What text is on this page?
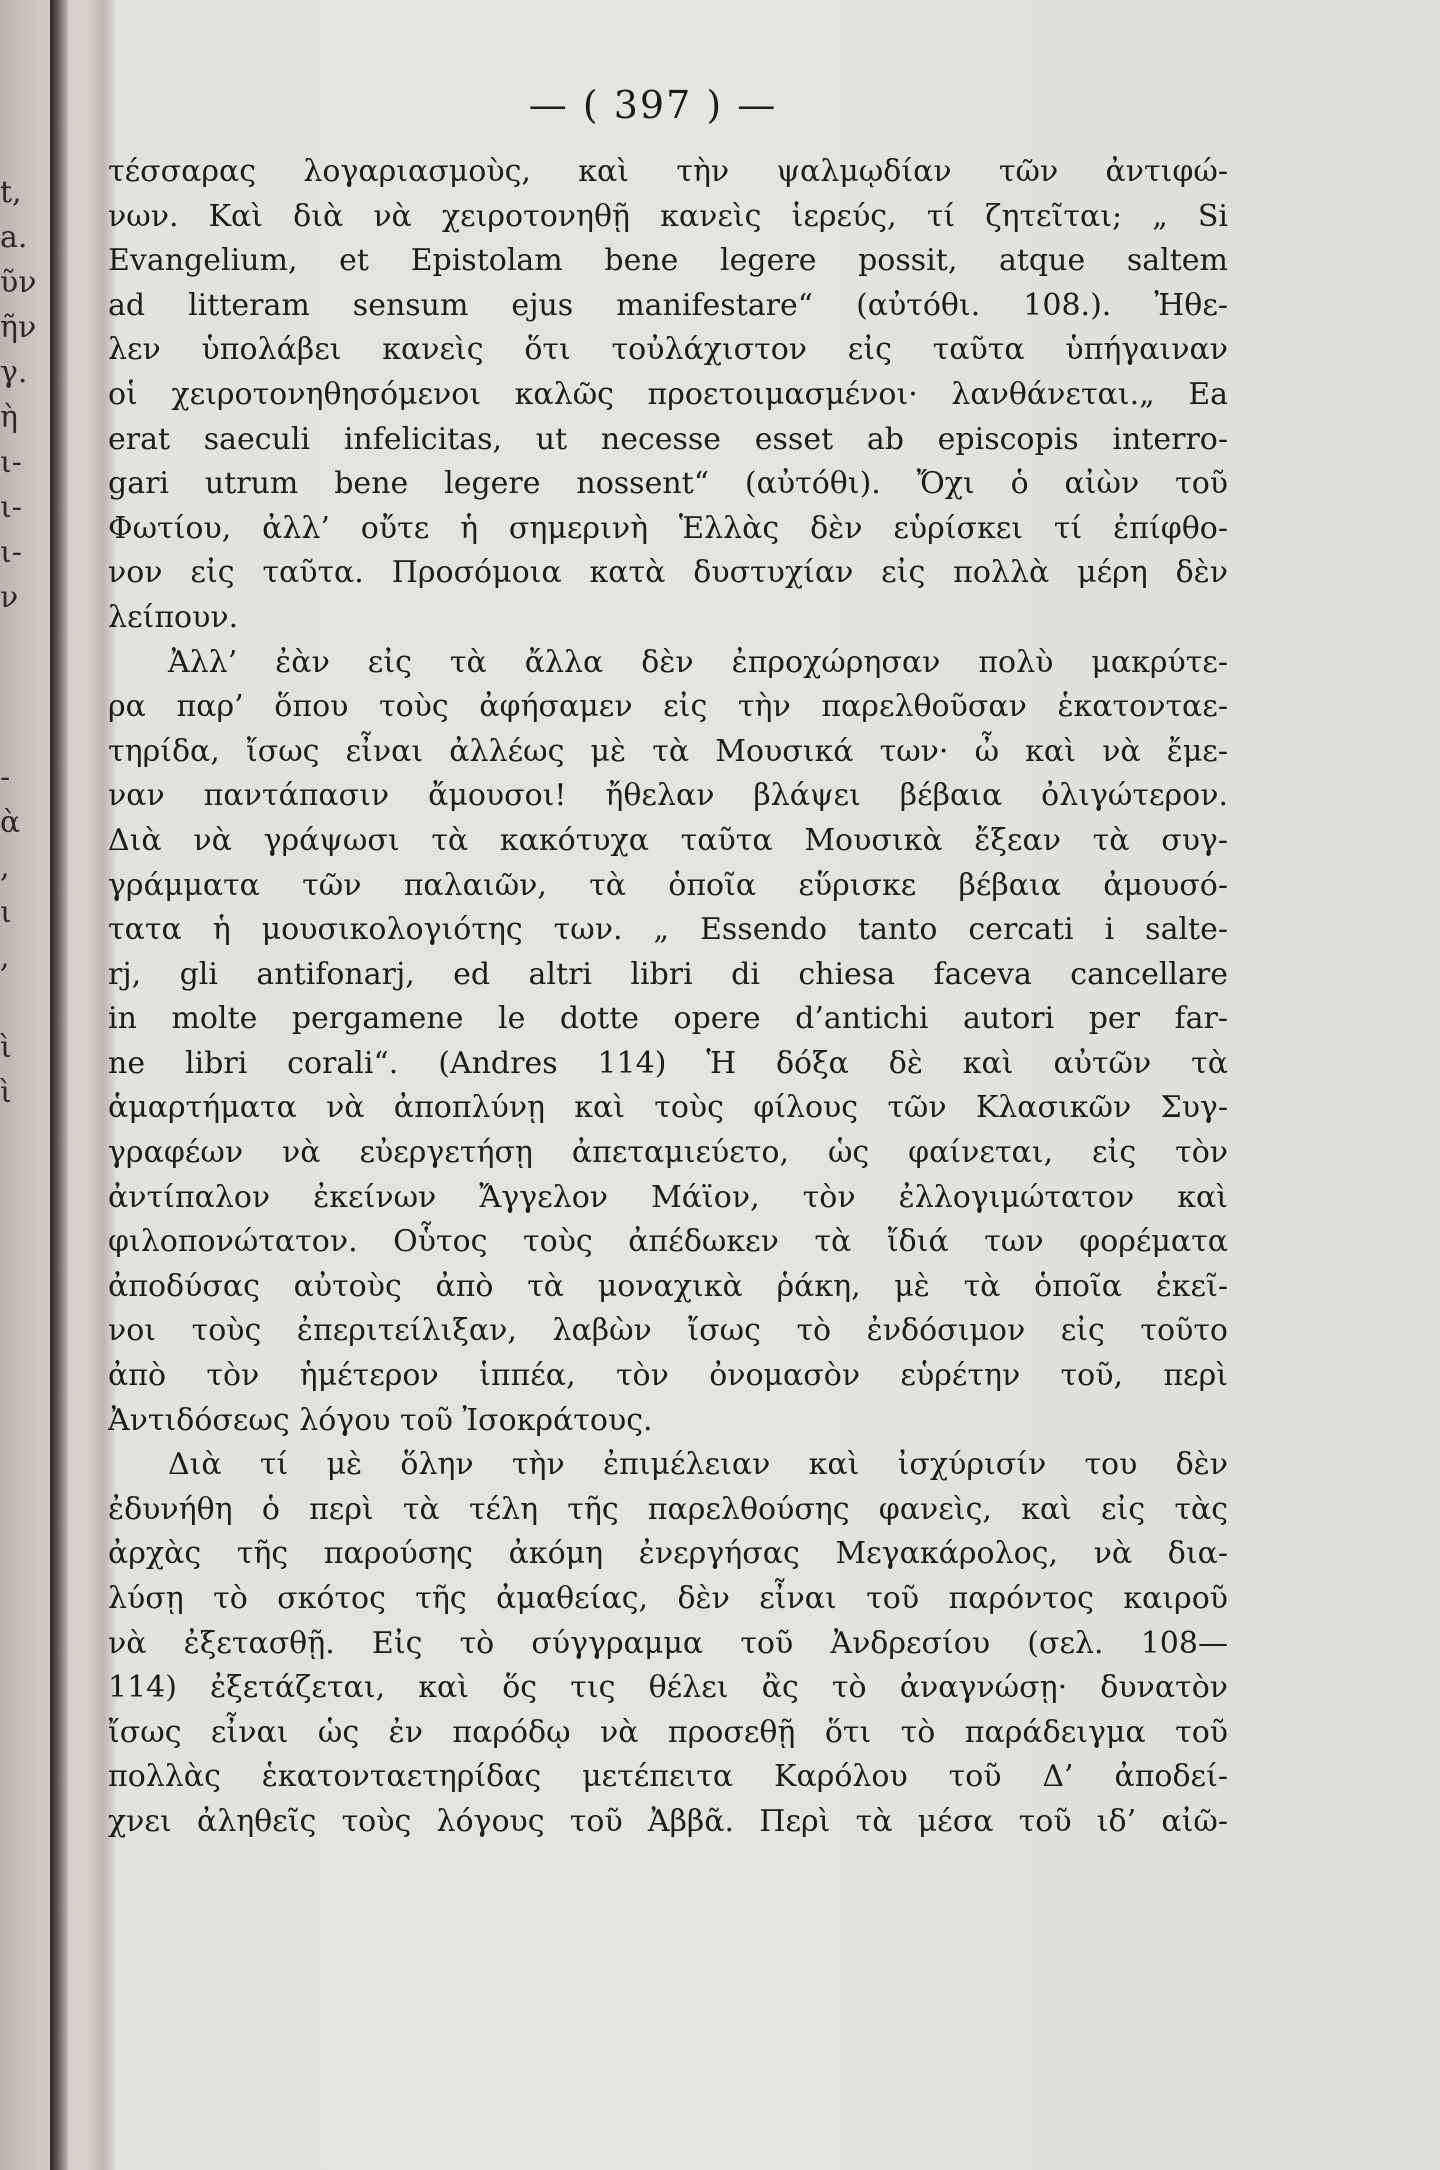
t,
a.
ῦν
ῆν
γ.
ὴ
ι-
ι-
ι-
ν
-
ὰ
,
ι
,
ὶ
ὶ
— ( 397 ) —
τέσσαρας λογαριασμοὺς, καὶ τὴν ψαλμῳδίαν τῶν ἀντιφώ-
νων. Καὶ διὰ νὰ χειροτονηθῇ κανεὶς ἱερεύς, τί ζητεῖται; „ Si
Evangelium, et Epistolam bene legere possit, atque saltem
ad litteram sensum ejus manifestare“ (αὐτόθι. 108.). Ἠθε-
λεν ὑπολάβει κανεὶς ὅτι τοὐλάχιστον εἰς ταῦτα ὑπήγαιναν
οἱ χειροτονηθησόμενοι καλῶς προετοιμασμένοι· λανθάνεται.„ Ea
erat saeculi infelicitas, ut necesse esset ab episcopis interro-
gari utrum bene legere nossent“ (αὐτόθι). Ὄχι ὁ αἰὼν τοῦ
Φωτίου, ἀλλ’ οὔτε ἡ σημερινὴ Ἑλλὰς δὲν εὑρίσκει τί ἐπίφθο-
νον εἰς ταῦτα. Προσόμοια κατὰ δυστυχίαν εἰς πολλὰ μέρη δὲν
λείπουν.
Ἀλλ’ ἐὰν εἰς τὰ ἄλλα δὲν ἐπροχώρησαν πολὺ μακρύτε-
ρα παρ’ ὅπου τοὺς ἀφήσαμεν εἰς τὴν παρελθοῦσαν ἑκατονταε-
τηρίδα, ἴσως εἶναι ἀλλέως μὲ τὰ Μουσικά των· ὦ καὶ νὰ ἔμε-
ναν παντάπασιν ἄμουσοι! ἤθελαν βλάψει βέβαια ὀλιγώτερον.
Διὰ νὰ γράψωσι τὰ κακότυχα ταῦτα Μουσικὰ ἔξεαν τὰ συγ-
γράμματα τῶν παλαιῶν, τὰ ὁποῖα εὕρισκε βέβαια ἀμουσό-
τατα ἡ μουσικολογιότης των. „ Essendo tanto cercati i salte-
rj, gli antifonarj, ed altri libri di chiesa faceva cancellare
in molte pergamene le dotte opere d’antichi autori per far-
ne libri corali“. (Andres 114) Ἡ δόξα δὲ καὶ αὐτῶν τὰ
ἁμαρτήματα νὰ ἀποπλύνῃ καὶ τοὺς φίλους τῶν Κλασικῶν Συγ-
γραφέων νὰ εὐεργετήσῃ ἀπεταμιεύετο, ὡς φαίνεται, εἰς τὸν
ἀντίπαλον ἐκείνων Ἄγγελον Μάϊον, τὸν ἐλλογιμώτατον καὶ
φιλοπονώτατον. Οὗτος τοὺς ἀπέδωκεν τὰ ἴδιά των φορέματα
ἀποδύσας αὐτοὺς ἀπὸ τὰ μοναχικὰ ῥάκη, μὲ τὰ ὁποῖα ἐκεῖ-
νοι τοὺς ἐπεριτείλιξαν, λαβὼν ἴσως τὸ ἐνδόσιμον εἰς τοῦτο
ἀπὸ τὸν ἡμέτερον ἱππέα, τὸν ὀνομασὸν εὑρέτην τοῦ, περὶ
Ἀντιδόσεως λόγου τοῦ Ἰσοκράτους.
Διὰ τί μὲ ὅλην τὴν ἐπιμέλειαν καὶ ἰσχύρισίν του δὲν
ἐδυνήθη ὁ περὶ τὰ τέλη τῆς παρελθούσης φανεὶς, καὶ εἰς τὰς
ἀρχὰς τῆς παρούσης ἀκόμη ἐνεργήσας Μεγακάρολος, νὰ δια-
λύσῃ τὸ σκότος τῆς ἀμαθείας, δὲν εἶναι τοῦ παρόντος καιροῦ
νὰ ἐξετασθῇ. Εἰς τὸ σύγγραμμα τοῦ Ἀνδρεσίου (σελ. 108—
114) ἐξετάζεται, καὶ ὅς τις θέλει ἂς τὸ ἀναγνώσῃ· δυνατὸν
ἴσως εἶναι ὡς ἐν παρόδῳ νὰ προσεθῇ ὅτι τὸ παράδειγμα τοῦ
πολλὰς ἑκατονταετηρίδας μετέπειτα Καρόλου τοῦ Δ’ ἀποδεί-
χνει ἀληθεῖς τοὺς λόγους τοῦ Ἀββᾶ. Περὶ τὰ μέσα τοῦ ιδ’ αἰῶ-
